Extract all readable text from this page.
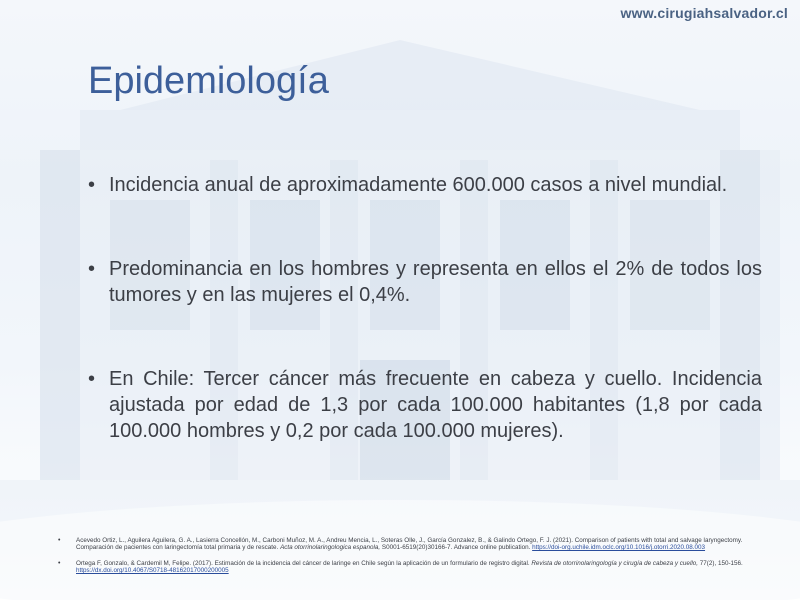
www.cirugiahsalvador.cl
Epidemiología
• Incidencia anual de aproximadamente 600.000 casos a nivel mundial.
• Predominancia en los hombres y representa en ellos el 2% de todos los tumores y en las mujeres el 0,4%.
• En Chile: Tercer cáncer más frecuente en cabeza y cuello. Incidencia ajustada por edad de 1,3 por cada 100.000 habitantes (1,8 por cada 100.000 hombres y 0,2 por cada 100.000 mujeres).
• Acevedo Ortiz, L., Aguilera Aguilera, G. A., Lasierra Concellón, M., Carboni Muñoz, M. A., Andreu Mencia, L., Soteras Olle, J., García Gonzalez, B., & Galindo Ortego, F. J. (2021). Comparison of patients with total and salvage laryngectomy. Comparación de pacientes con laringectomía total primaria y de rescate. Acta otorrinolaringologica espanola, S0001-6519(20)30166-7. Advance online publication. https://doi-org.uchile.idm.oclc.org/10.1016/j.otorri.2020.08.003
• Ortega F, Gonzalo, & Cardemil M, Felipe. (2017). Estimación de la incidencia del cáncer de laringe en Chile según la aplicación de un formulario de registro digital. Revista de otorrinolaringología y cirugía de cabeza y cuello, 77(2), 150-156. https://dx.doi.org/10.4067/S0718-48162017000200005
